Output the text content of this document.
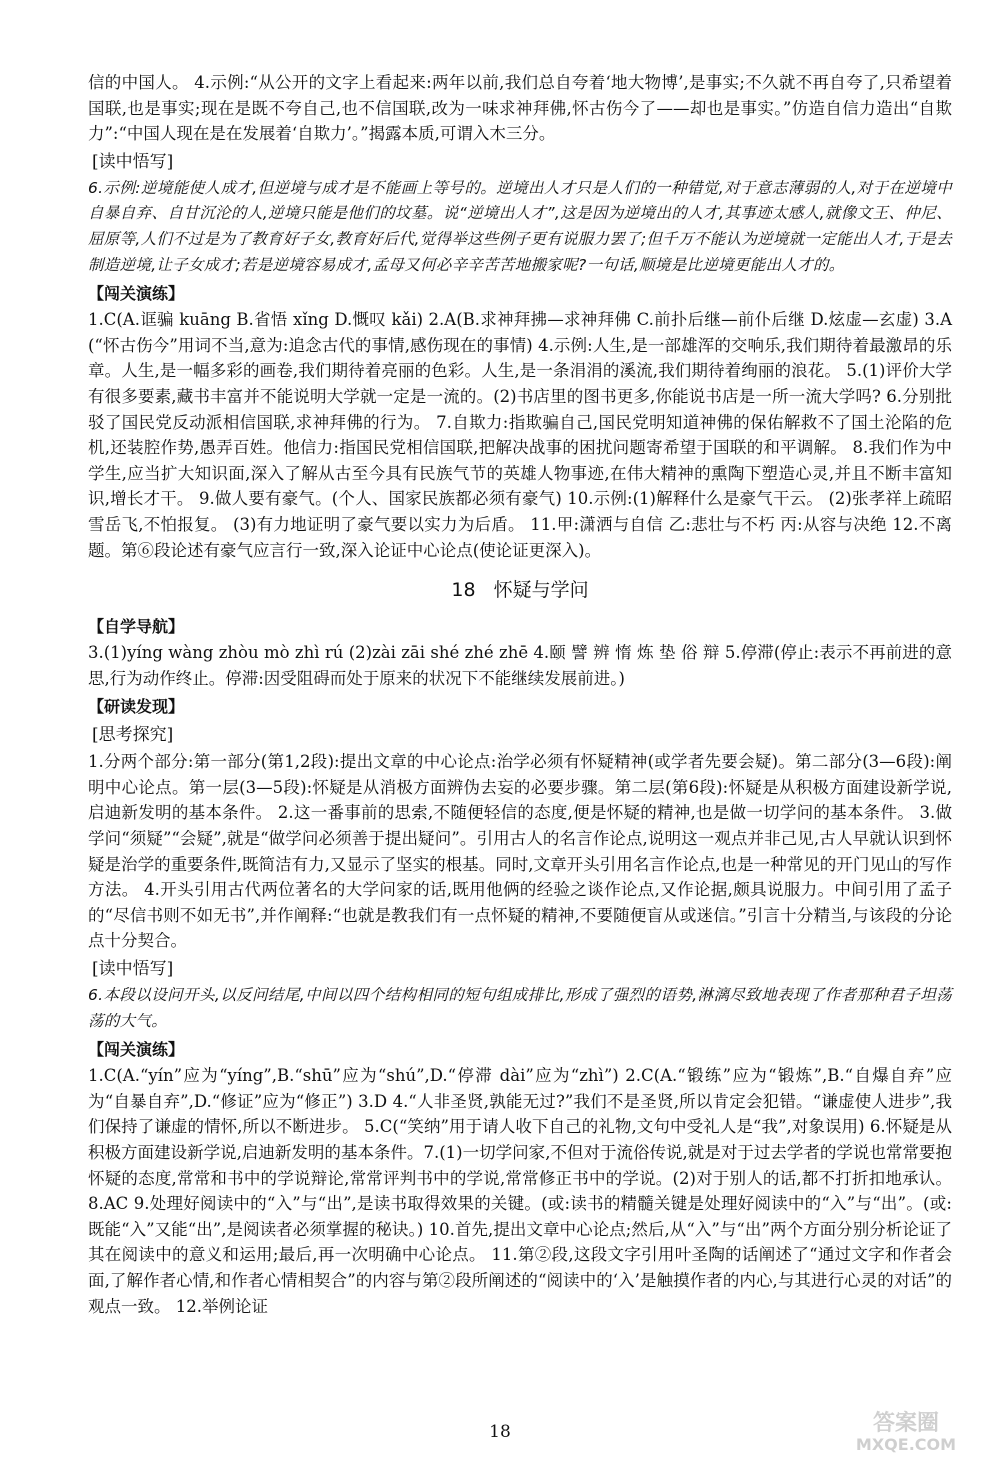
信的中国人。 4.示例:“从公开的文字上看起来:两年以前,我们总自夸着‘地大物博’,是事实;不久就不再自夸了,只希望着国联,也是事实;现在是既不夸自己,也不信国联,改为一味求神拜佛,怀古伤今了——却也是事实。”仿造自信力造出“自欺力”:“中国人现在是在发展着‘自欺力’。”揭露本质,可谓入木三分。
[读中悟写]
6.示例:逆境能使人成才,但逆境与成才是不能画上等号的。逆境出人才只是人们的一种错觉,对于意志薄弱的人,对于在逆境中自暴自弃、自甘沉沦的人,逆境只能是他们的坟墓。说“逆境出人才”,这是因为逆境出的人才,其事迹太感人,就像文王、仲尼、屈原等,人们不过是为了教育好子女,教育好后代,觉得举这些例子更有说服力罢了;但千万不能认为逆境就一定能出人才,于是去制造逆境,让子女成才;若是逆境容易成才,孟母又何必辛辛苦苦地搬家呢?一句话,顺境是比逆境更能出人才的。
【闯关演练】
1.C(A.诓骗 kuāng B.省悟 xǐng D.慨叹 kǎi) 2.A(B.求神拜拂—求神拜佛 C.前扑后继—前仆后继 D.炫虚—玄虚) 3.A(“怀古伤今”用词不当,意为:追念古代的事情,感伤现在的事情) 4.示例:人生,是一部雄浑的交响乐,我们期待着最激昂的乐章。人生,是一幅多彩的画卷,我们期待着亮丽的色彩。人生,是一条涓涓的溪流,我们期待着绚丽的浪花。 5.(1)评价大学有很多要素,藏书丰富并不能说明大学就一定是一流的。(2)书店里的图书更多,你能说书店是一所一流大学吗? 6.分别批驳了国民党反动派相信国联,求神拜佛的行为。 7.自欺力:指欺骗自己,国民党明知道神佛的保佑解救不了国土沦陷的危机,还装腔作势,愚弄百姓。他信力:指国民党相信国联,把解决战事的困扰问题寄希望于国联的和平调解。 8.我们作为中学生,应当扩大知识面,深入了解从古至今具有民族气节的英雄人物事迹,在伟大精神的熏陶下塑造心灵,并且不断丰富知识,增长才干。 9.做人要有豪气。(个人、国家民族都必须有豪气) 10.示例:(1)解释什么是豪气干云。 (2)张孝祥上疏昭雪岳飞,不怕报复。 (3)有力地证明了豪气要以实力为后盾。 11.甲:潇洒与自信 乙:悲壮与不朽 丙:从容与决绝 12.不离题。第⑥段论述有豪气应言行一致,深入论证中心论点(使论证更深入)。
18 怀疑与学问
【自学导航】
3.(1)yíng wàng zhòu mò zhì rú (2)zài zāi shé zhé zhē 4.颐 譬 辨 惰 炼 垫 俗 辩 5.停滞(停止:表示不再前进的意思,行为动作终止。停滞:因受阻碍而处于原来的状况下不能继续发展前进。)
【研读发现】
[思考探究]
1.分两个部分:第一部分(第1,2段):提出文章的中心论点:治学必须有怀疑精神(或学者先要会疑)。第二部分(3—6段):阐明中心论点。第一层(3—5段):怀疑是从消极方面辨伪去妄的必要步骤。第二层(第6段):怀疑是从积极方面建设新学说,启迪新发明的基本条件。 2.这一番事前的思索,不随便轻信的态度,便是怀疑的精神,也是做一切学问的基本条件。 3.做学问“须疑”“会疑”,就是“做学问必须善于提出疑问”。引用古人的名言作论点,说明这一观点并非己见,古人早就认识到怀疑是治学的重要条件,既简洁有力,又显示了坚实的根基。同时,文章开头引用名言作论点,也是一种常见的开门见山的写作方法。 4.开头引用古代两位著名的大学问家的话,既用他俩的经验之谈作论点,又作论据,颇具说服力。中间引用了孟子的“尽信书则不如无书”,并作阐释:“也就是教我们有一点怀疑的精神,不要随便盲从或迷信。”引言十分精当,与该段的分论点十分契合。
[读中悟写]
6.本段以设问开头,以反问结尾,中间以四个结构相同的短句组成排比,形成了强烈的语势,淋漓尽致地表现了作者那种君子坦荡荡的大气。
【闯关演练】
1.C(A.“yín”应为“yíng”,B.“shū”应为“shú”,D.“停滞 dài”应为“zhì”) 2.C(A.“锻练”应为“锻炼”,B.“自爆自弃”应为“自暴自弃”,D.“修证”应为“修正”) 3.D 4.“人非圣贤,孰能无过?”我们不是圣贤,所以肯定会犯错。“谦虚使人进步”,我们保持了谦虚的情怀,所以不断进步。 5.C(“笑纳”用于请人收下自己的礼物,文句中受礼人是“我”,对象误用) 6.怀疑是从积极方面建设新学说,启迪新发明的基本条件。7.(1)一切学问家,不但对于流俗传说,就是对于过去学者的学说也常常要抱怀疑的态度,常常和书中的学说辩论,常常评判书中的学说,常常修正书中的学说。(2)对于别人的话,都不打折扣地承认。8.AC 9.处理好阅读中的“入”与“出”,是读书取得效果的关键。(或:读书的精髓关键是处理好阅读中的“入”与“出”。(或:既能“入”又能“出”,是阅读者必须掌握的秘诀。) 10.首先,提出文章中心论点;然后,从“入”与“出”两个方面分别分析论证了其在阅读中的意义和运用;最后,再一次明确中心论点。 11.第②段,这段文字引用叶圣陶的话阐述了“通过文字和作者会面,了解作者心情,和作者心情相契合”的内容与第②段所阐述的“阅读中的‘入’是触摸作者的内心,与其进行心灵的对话”的观点一致。 12.举例论证
18	答案圈
MXQE.COM
